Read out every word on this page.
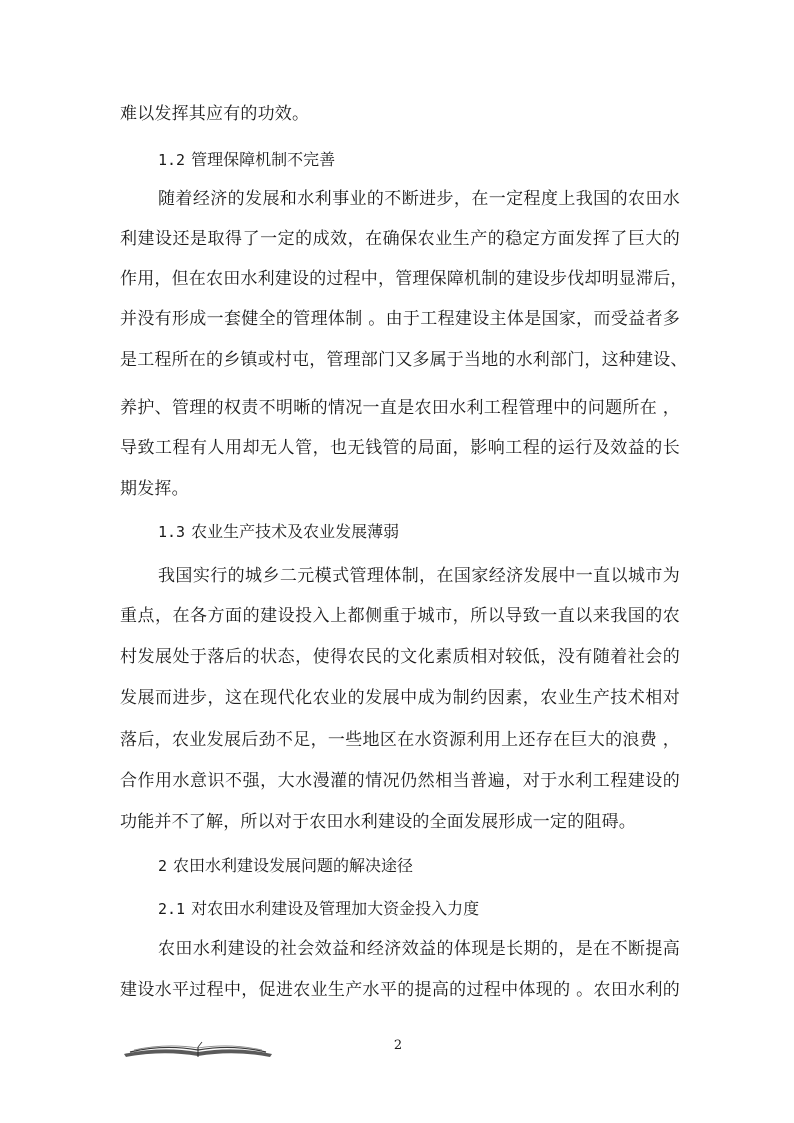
难以发挥其应有的功效。
1.2 管理保障机制不完善
随着经济的发展和水利事业的不断进步，在一定程度上我国的农田水
利建设还是取得了一定的成效，在确保农业生产的稳定方面发挥了巨大的
作用，但在农田水利建设的过程中，管理保障机制的建设步伐却明显滞后，
并没有形成一套健全的管理体制 。由于工程建设主体是国家，而受益者多
是工程所在的乡镇或村屯，管理部门又多属于当地的水利部门，这种建设、
养护、管理的权责不明晰的情况一直是农田水利工程管理中的问题所在 ，
导致工程有人用却无人管，也无钱管的局面，影响工程的运行及效益的长
期发挥。
1.3 农业生产技术及农业发展薄弱
我国实行的城乡二元模式管理体制，在国家经济发展中一直以城市为
重点，在各方面的建设投入上都侧重于城市，所以导致一直以来我国的农
村发展处于落后的状态，使得农民的文化素质相对较低，没有随着社会的
发展而进步，这在现代化农业的发展中成为制约因素，农业生产技术相对
落后，农业发展后劲不足，一些地区在水资源利用上还存在巨大的浪费 ，
合作用水意识不强，大水漫灌的情况仍然相当普遍，对于水利工程建设的
功能并不了解，所以对于农田水利建设的全面发展形成一定的阻碍。
2 农田水利建设发展问题的解决途径
2.1 对农田水利建设及管理加大资金投入力度
农田水利建设的社会效益和经济效益的体现是长期的，是在不断提高
建设水平过程中，促进农业生产水平的提高的过程中体现的 。农田水利的
2
